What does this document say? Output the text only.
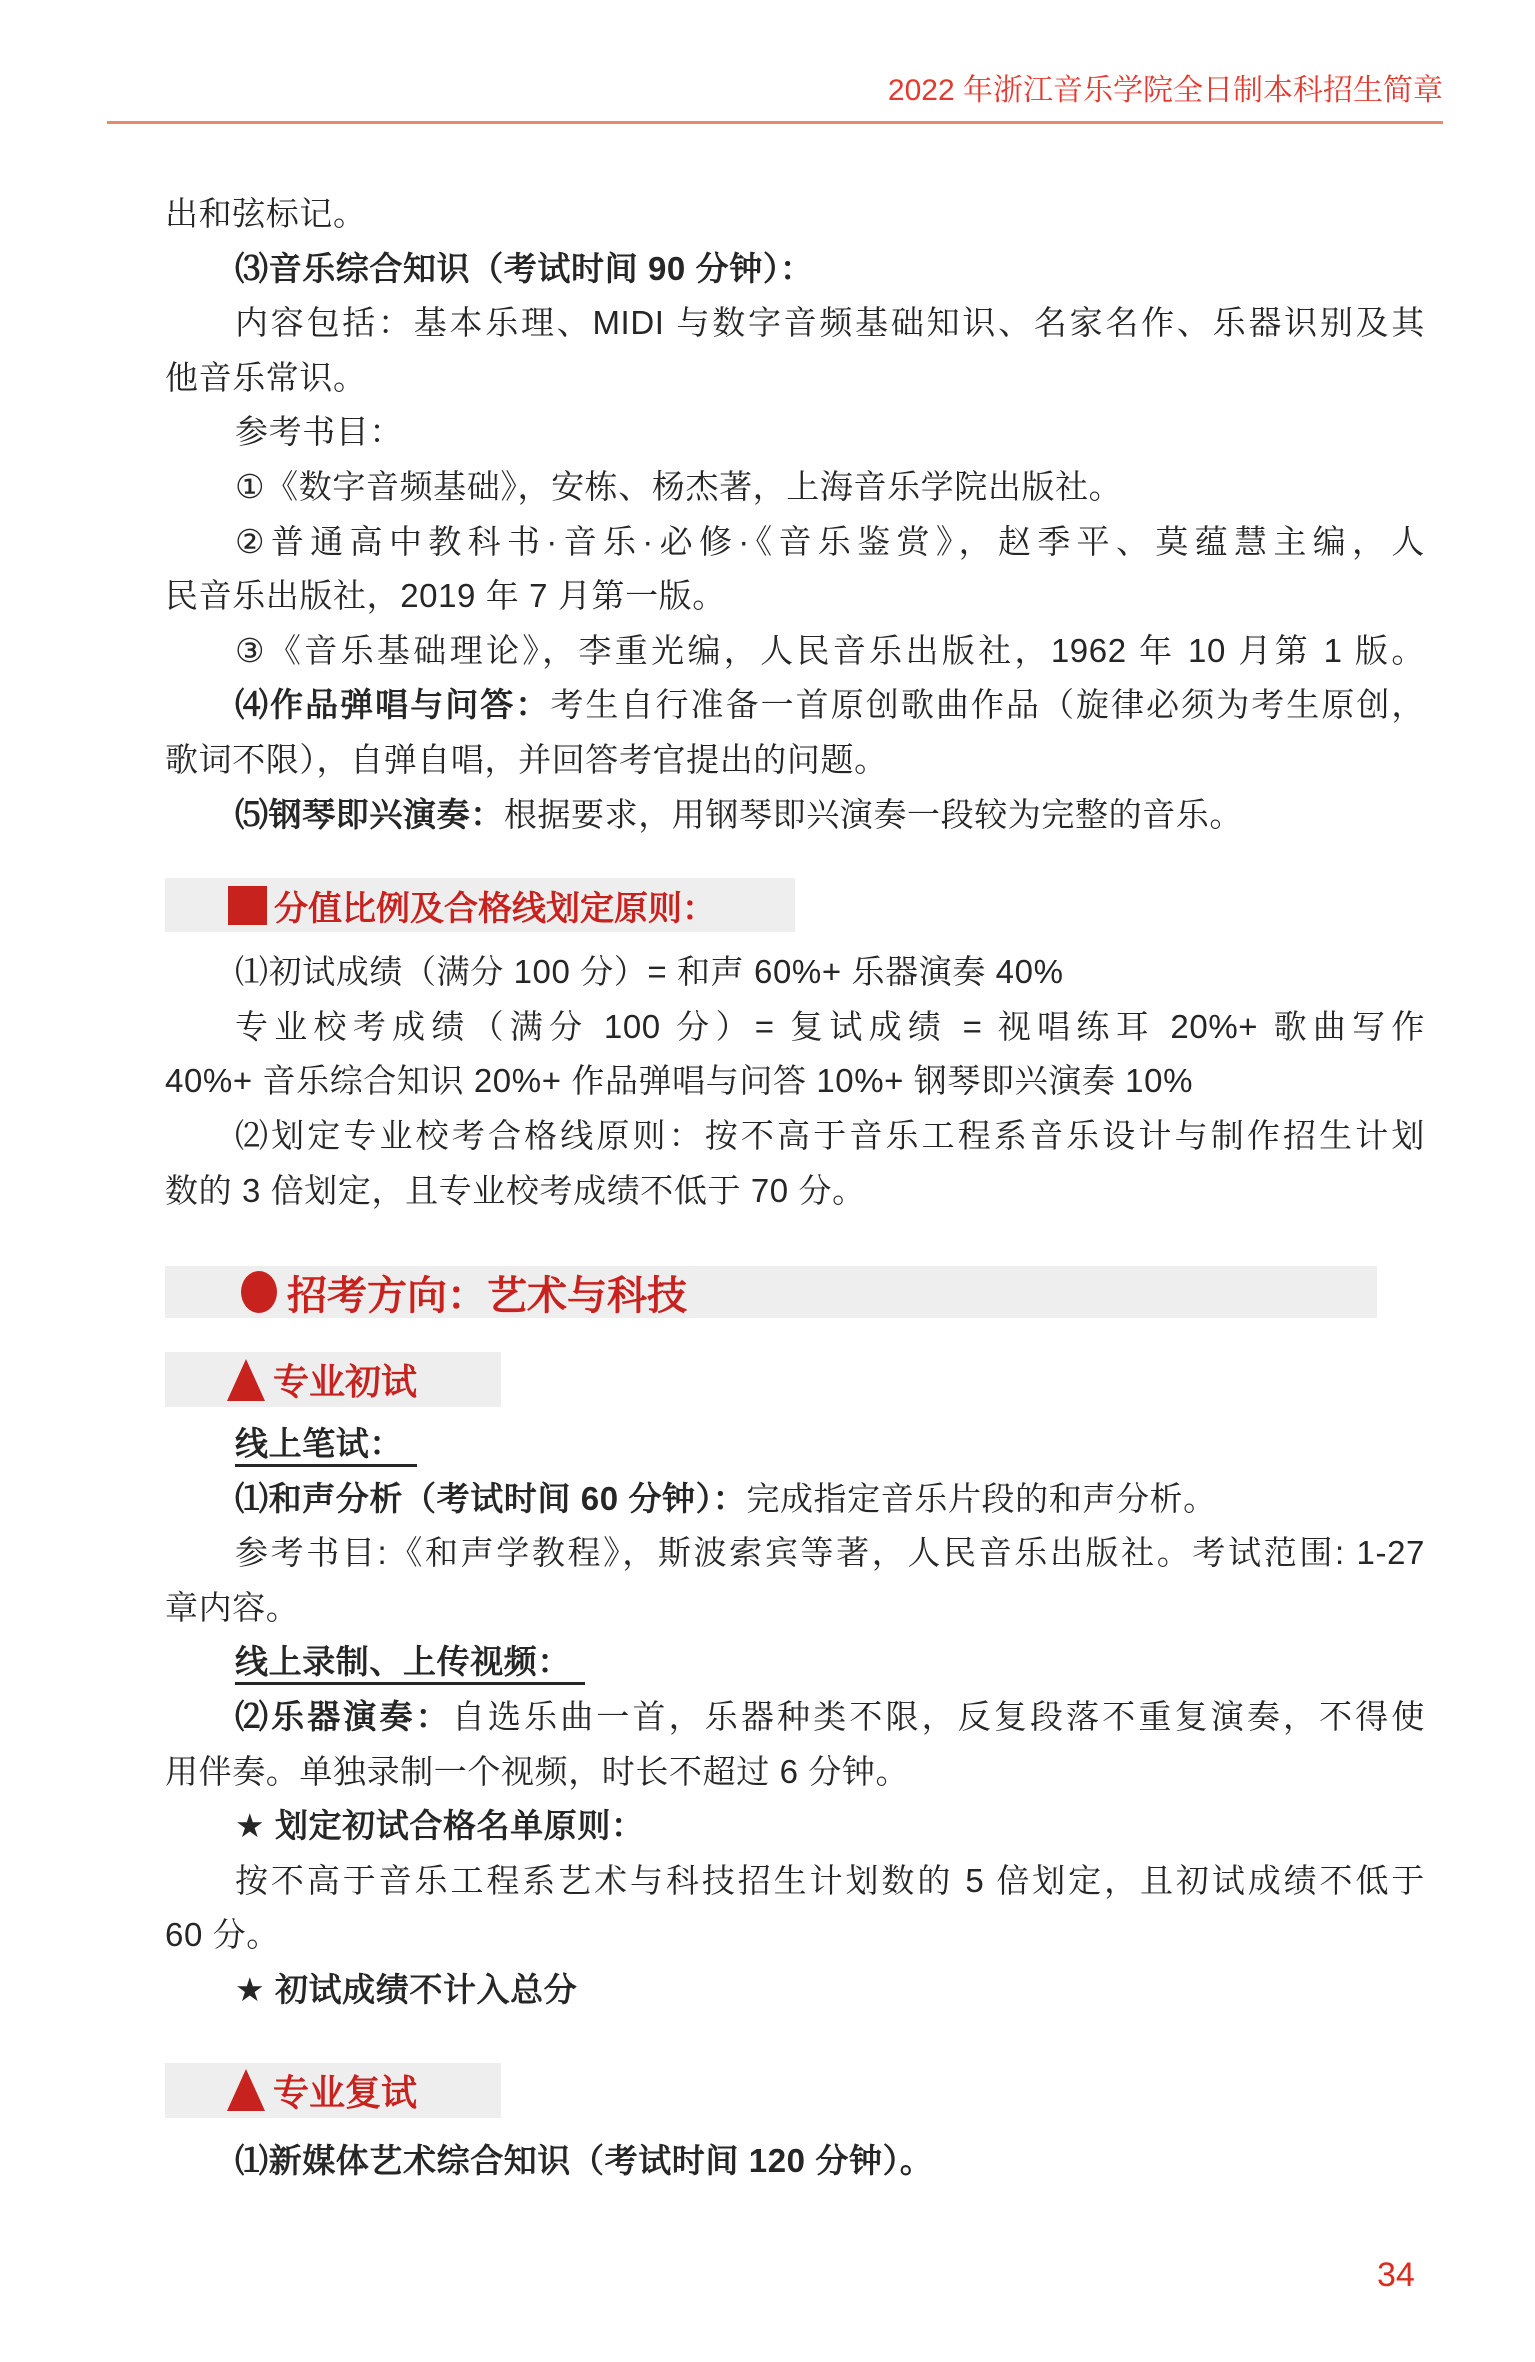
2022 年浙江音乐学院全日制本科招生简章
出和弦标记。
⑶音乐综合知识（考试时间 90 分钟）：
内容包括：基本乐理、MIDI 与数字音频基础知识、名家名作、乐器识别及其
他音乐常识。
参考书目：
①《数字音频基础》，安栋、杨杰著，上海音乐学院出版社。
②普通高中教科书·音乐·必修·《音乐鉴赏》，赵季平、莫蕴慧主编，人
民音乐出版社，2019 年 7 月第一版。
③《音乐基础理论》，李重光编，人民音乐出版社，1962 年 10 月第 1 版。
⑷作品弹唱与问答：考生自行准备一首原创歌曲作品（旋律必须为考生原创，
歌词不限），自弹自唱，并回答考官提出的问题。
⑸钢琴即兴演奏：根据要求，用钢琴即兴演奏一段较为完整的音乐。
分值比例及合格线划定原则：
⑴初试成绩（满分 100 分）= 和声 60%+ 乐器演奏 40%
专业校考成绩（满分 100 分）= 复试成绩 = 视唱练耳 20%+ 歌曲写作
40%+ 音乐综合知识 20%+ 作品弹唱与问答 10%+ 钢琴即兴演奏 10%
⑵划定专业校考合格线原则：按不高于音乐工程系音乐设计与制作招生计划
数的 3 倍划定，且专业校考成绩不低于 70 分。
招考方向：艺术与科技
专业初试
线上笔试：
⑴和声分析（考试时间 60 分钟）：完成指定音乐片段的和声分析。
参考书目:《和声学教程》，斯波索宾等著，人民音乐出版社。考试范围: 1-27
章内容。
线上录制、上传视频：
⑵乐器演奏：自选乐曲一首，乐器种类不限，反复段落不重复演奏，不得使
用伴奏。单独录制一个视频，时长不超过 6 分钟。
★ 划定初试合格名单原则：
按不高于音乐工程系艺术与科技招生计划数的 5 倍划定，且初试成绩不低于
60 分。
★ 初试成绩不计入总分
专业复试
⑴新媒体艺术综合知识（考试时间 120 分钟）。
34
